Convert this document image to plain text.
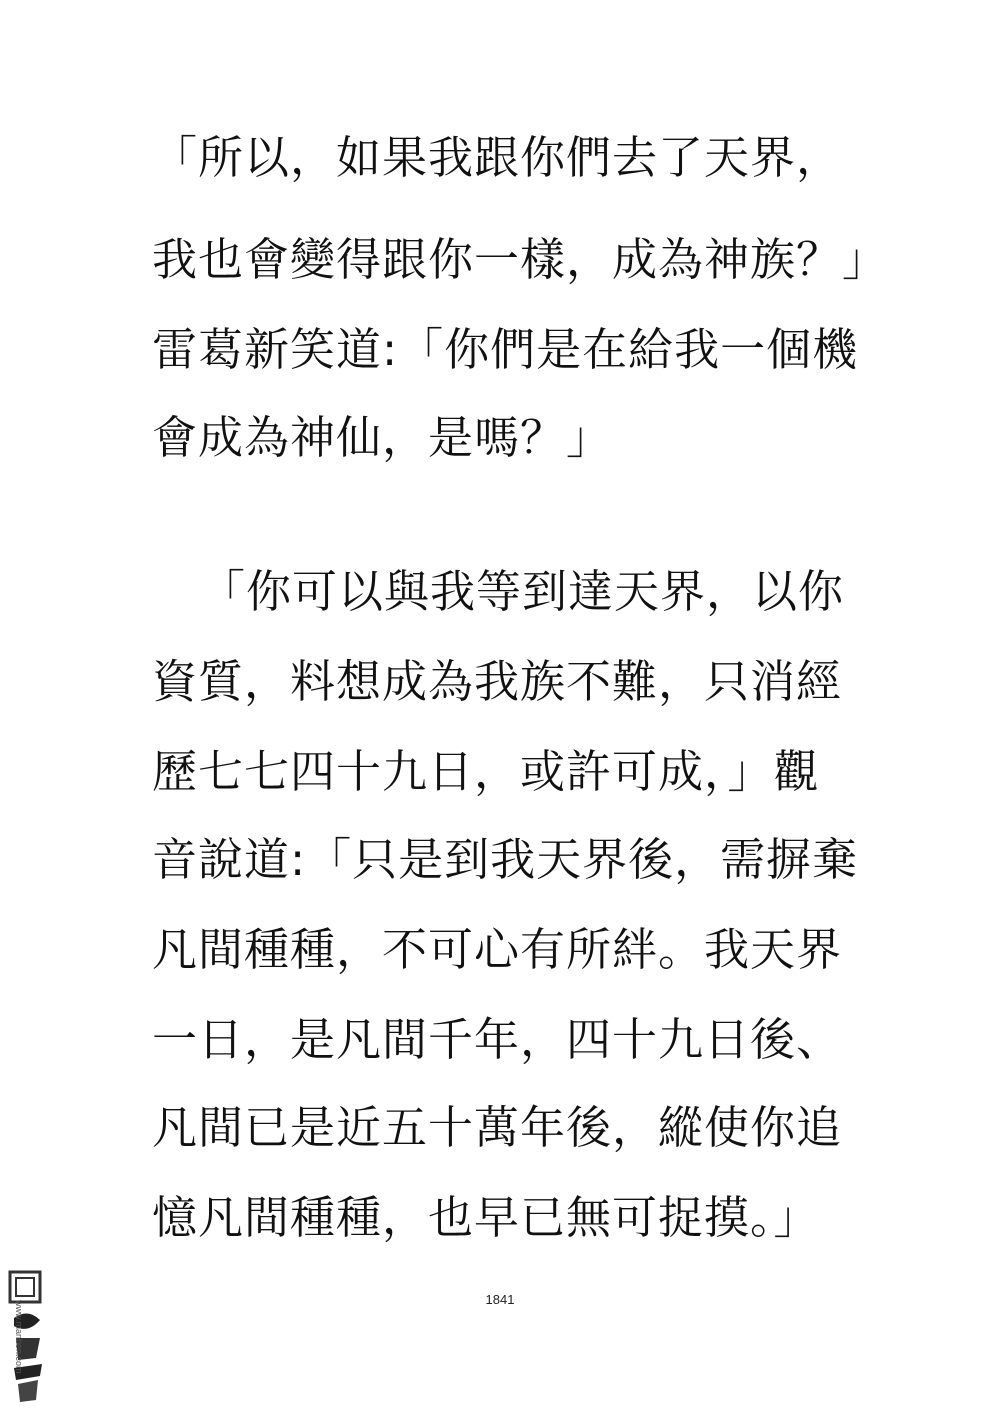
「所以，如果我跟你們去了天界，
我也會變得跟你一樣，成為神族？」
雷葛新笑道:「你們是在給我一個機
會成為神仙，是嗎？」
「你可以與我等到達天界，以你
資質，料想成為我族不難，只消經
歷七七四十九日，或許可成，」觀
音說道:「只是到我天界後，需摒棄
凡間種種，不可心有所絆。我天界
一日，是凡間千年，四十九日後、
凡間已是近五十萬年後，縱使你追
憶凡間種種，也早已無可捉摸。」
1841
www.manben.com
